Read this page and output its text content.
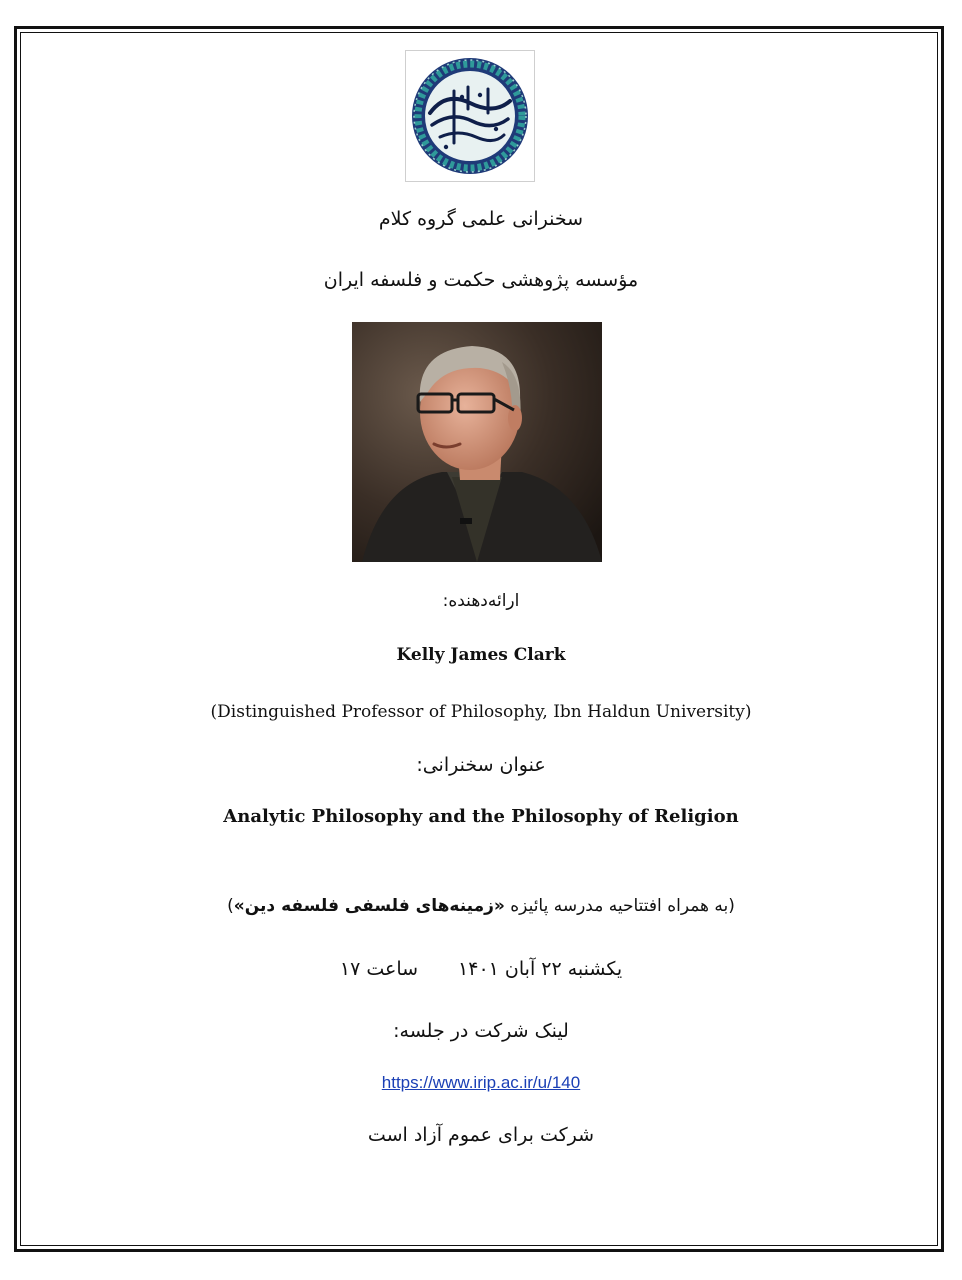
سخنرانی علمی گروه کلام
مؤسسه پژوهشی حکمت و فلسفه ایران
ارائه‌دهنده:
Kelly James Clark
(Distinguished Professor of Philosophy, Ibn Haldun University)
عنوان سخنرانی:
Analytic Philosophy and the Philosophy of Religion
(به همراه افتتاحیه مدرسه پائیزه «زمینه‌های فلسفی فلسفه دین»)
یکشنبه ۲۲ آبان ۱۴۰۱ساعت ۱۷
لینک شرکت در جلسه:
https://www.irip.ac.ir/u/140
شرکت برای عموم آزاد است
